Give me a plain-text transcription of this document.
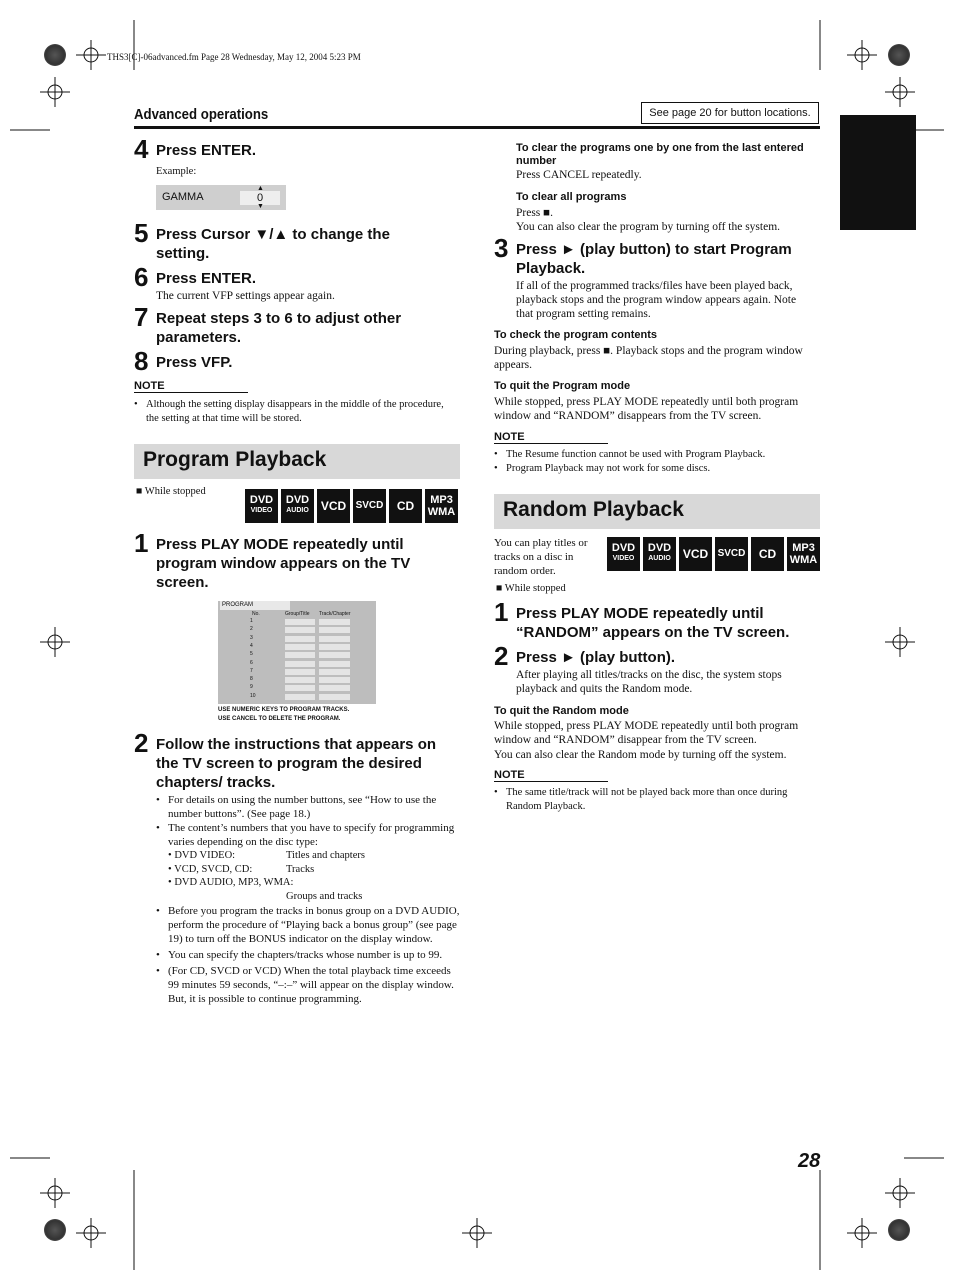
THS3[C]-06advanced.fm Page 28 Wednesday, May 12, 2004 5:23 PM
Advanced operations	See page 20 for button locations.
English
4 Press ENTER.
Example:
GAMMA	0
▲
▼
5 Press Cursor ▼/▲ to change the setting.
6 Press ENTER.
The current VFP settings appear again.
7 Repeat steps 3 to 6 to adjust other parameters.
8 Press VFP.
NOTE
• Although the setting display disappears in the middle of the procedure, the setting at that time will be stored.
Program Playback
■ While stopped
DVD
VIDEO
DVD
AUDIO	VCD SVCD	CD	MP3
WMA
1 Press PLAY MODE repeatedly until program window appears on the TV screen.
PROGRAM
No.	Group/Title Track/Chapter
1
2
3
4
5
6
7
8
9
10
USE NUMERIC KEYS TO PROGRAM TRACKS.
USE CANCEL TO DELETE THE PROGRAM.
2 Follow the instructions that appears on the TV screen to program the desired chapters/ tracks.
• For details on using the number buttons, see “How to use the number buttons”. (See page 18.)
• The content’s numbers that you have to specify for programming varies depending on the disc type:
• DVD VIDEO:	Titles and chapters
• VCD, SVCD, CD:	Tracks
• DVD AUDIO, MP3, WMA:
Groups and tracks
• Before you program the tracks in bonus group on a DVD AUDIO, perform the procedure of “Playing back a bonus group” (see page 19) to turn off the BONUS indicator on the display window.
• You can specify the chapters/tracks whose number is up to 99.
• (For CD, SVCD or VCD) When the total playback time exceeds 99 minutes 59 seconds, “–:–” will appear on the display window. But, it is possible to continue programming.
To clear the programs one by one from the last entered number
Press CANCEL repeatedly.
To clear all programs
Press ■.
You can also clear the program by turning off the system.
3 Press ► (play button) to start Program Playback.
If all of the programmed tracks/files have been played back, playback stops and the program window appears again. Note that program setting remains.
To check the program contents
During playback, press ■. Playback stops and the program window appears.
To quit the Program mode
While stopped, press PLAY MODE repeatedly until both program window and “RANDOM” disappears from the TV screen.
NOTE
• The Resume function cannot be used with Program Playback.
• Program Playback may not work for some discs.
Random Playback
You can play titles or tracks on a disc in random order.
DVD
VIDEO
DVD
AUDIO	VCD SVCD	CD	MP3
WMA
■ While stopped
1 Press PLAY MODE repeatedly until “RANDOM” appears on the TV screen.
2 Press ► (play button).
After playing all titles/tracks on the disc, the system stops playback and quits the Random mode.
To quit the Random mode
While stopped, press PLAY MODE repeatedly until both program window and “RANDOM” disappear from the TV screen.
You can also clear the Random mode by turning off the system.
NOTE
• The same title/track will not be played back more than once during Random Playback.
28
